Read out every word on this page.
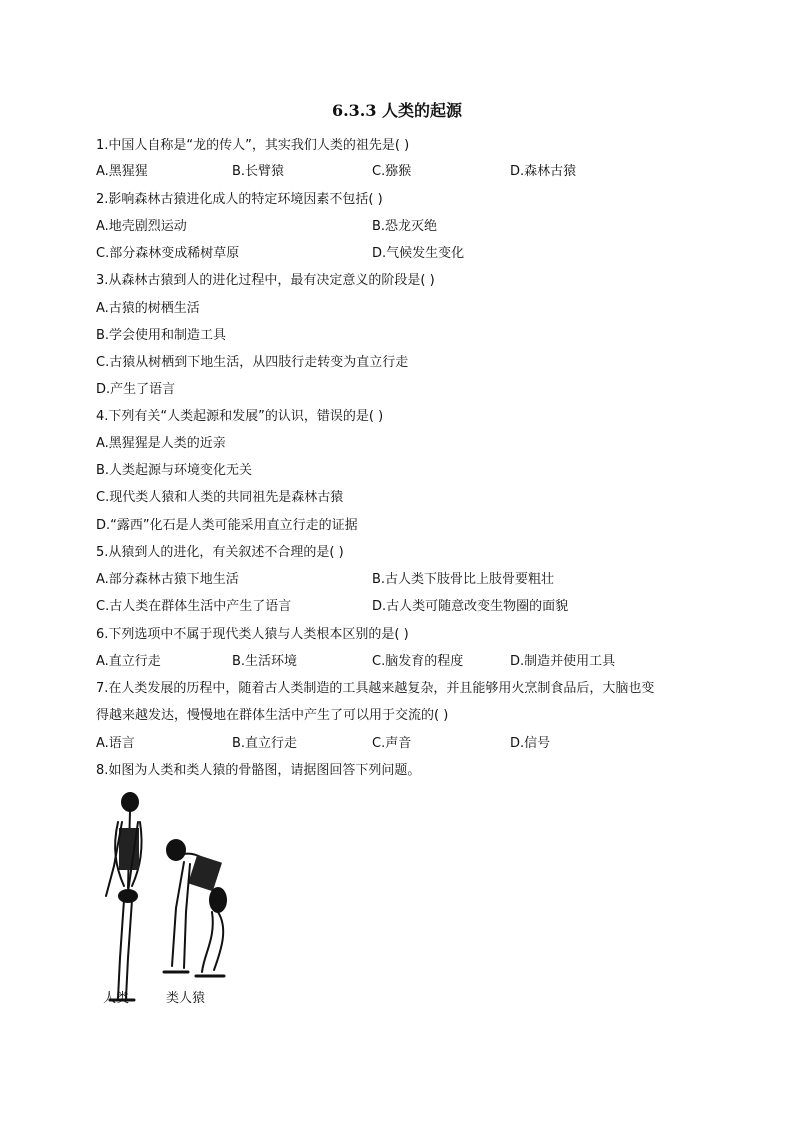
6.3.3 人类的起源
1.中国人自称是“龙的传人”，其实我们人类的祖先是( )
A.黑猩猩	B.长臂猿	C.猕猴	D.森林古猿
2.影响森林古猿进化成人的特定环境因素不包括( )
A.地壳剧烈运动	B.恐龙灭绝
C.部分森林变成稀树草原	D.气候发生变化
3.从森林古猿到人的进化过程中，最有决定意义的阶段是( )
A.古猿的树栖生活
B.学会使用和制造工具
C.古猿从树栖到下地生活，从四肢行走转变为直立行走
D.产生了语言
4.下列有关“人类起源和发展”的认识，错误的是( )
A.黑猩猩是人类的近亲
B.人类起源与环境变化无关
C.现代类人猿和人类的共同祖先是森林古猿
D.“露西”化石是人类可能采用直立行走的证据
5.从猿到人的进化，有关叙述不合理的是( )
A.部分森林古猿下地生活	B.古人类下肢骨比上肢骨要粗壮
C.古人类在群体生活中产生了语言	D.古人类可随意改变生物圈的面貌
6.下列选项中不属于现代类人猿与人类根本区别的是( )
A.直立行走	B.生活环境	C.脑发育的程度	D.制造并使用工具
7.在人类发展的历程中，随着古人类制造的工具越来越复杂，并且能够用火烹制食品后，大脑也变
得越来越发达，慢慢地在群体生活中产生了可以用于交流的( )
A.语言	B.直立行走	C.声音	D.信号
8.如图为人类和类人猿的骨骼图，请据图回答下列问题。
人类	类人猿
